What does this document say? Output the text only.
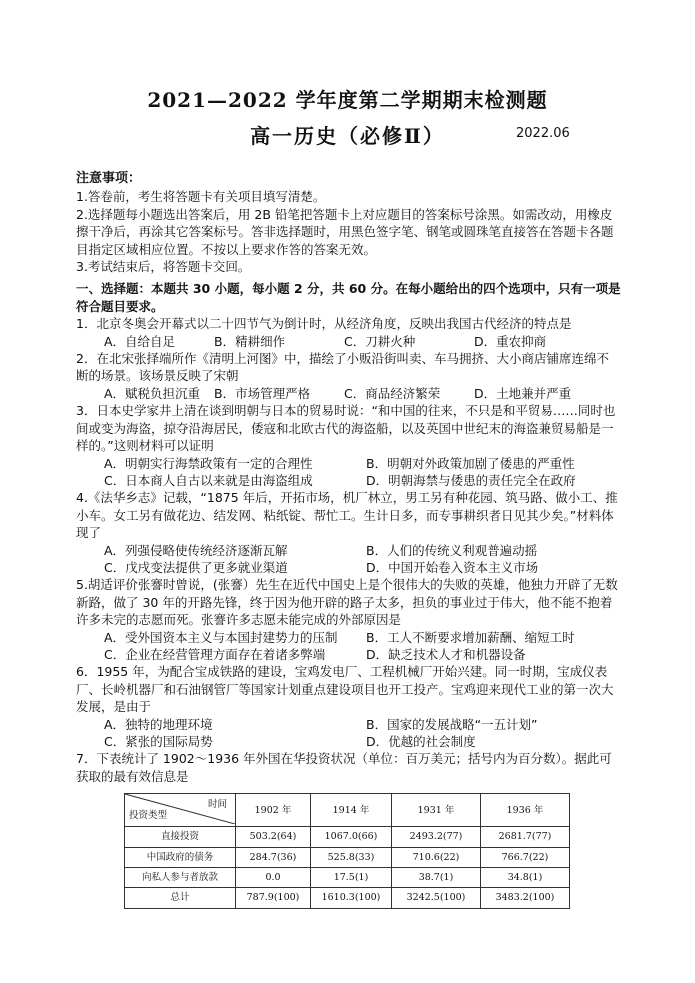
2021—2022 学年度第二学期期末检测题
高一历史（必修Ⅱ）	2022.06
注意事项：

1.答卷前，考生将答题卡有关项目填写清楚。

2.选择题每小题选出答案后，用 2B 铅笔把答题卡上对应题目的答案标号涂黑。如需改动，用橡皮擦干净后，再涂其它答案标号。答非选择题时，用黑色签字笔、钢笔或圆珠笔直接答在答题卡各题目指定区域相应位置。不按以上要求作答的答案无效。

3.考试结束后，将答题卡交回。

一、选择题：本题共 30 小题，每小题 2 分，共 60 分。在每小题给出的四个选项中，只有一项是符合题目要求。

1．北京冬奥会开幕式以二十四节气为倒计时，从经济角度，反映出我国古代经济的特点是

A．自给自足	B．精耕细作	C．刀耕火种	D．重农抑商

2．在北宋张择端所作《清明上河图》中，描绘了小贩沿街叫卖、车马拥挤、大小商店铺席连绵不断的场景。该场景反映了宋朝

A．赋税负担沉重	B．市场管理严格	C．商品经济繁荣	D．土地兼并严重

3．日本史学家井上清在谈到明朝与日本的贸易时说：“和中国的往来，不只是和平贸易……同时也间或变为海盗，掠夺沿海居民，倭寇和北欧古代的海盗船，以及英国中世纪末的海盗兼贸易船是一样的。”这则材料可以证明

A．明朝实行海禁政策有一定的合理性	B．明朝对外政策加剧了倭患的严重性
C．日本商人自古以来就是由海盗组成	D．明朝海禁与倭患的责任完全在政府

4.《法华乡志》记载，“1875 年后，开拓市场，机厂林立，男工另有种花园、筑马路、做小工、推小车。女工另有做花边、结发网、粘纸锭、帮忙工。生计日多，而专事耕织者日见其少矣。”材料体现了

A．列强侵略使传统经济逐渐瓦解	B．人们的传统义利观普遍动摇
C．戊戌变法提供了更多就业渠道	D．中国开始卷入资本主义市场

5.胡适评价张謇时曾说，(张謇）先生在近代中国史上是个很伟大的失败的英雄，他独力开辟了无数新路，做了 30 年的开路先锋，终于因为他开辟的路子太多，担负的事业过于伟大，他不能不抱着许多未完的志愿而死。张謇许多志愿未能完成的外部原因是

A．受外国资本主义与本国封建势力的压制	B．工人不断要求增加薪酬、缩短工时
C．企业在经营管理方面存在着诸多弊端	D．缺乏技术人才和机器设备

6．1955 年，为配合宝成铁路的建设，宝鸡发电厂、工程机械厂开始兴建。同一时期，宝成仪表厂、长岭机器厂和石油钢管厂等国家计划重点建设项目也开工投产。宝鸡迎来现代工业的第一次大发展，是由于

A．独特的地理环境	B．国家的发展战略“一五计划”
C．紧张的国际局势	D．优越的社会制度

7．下表统计了 1902～1936 年外国在华投资状况（单位：百万美元；括号内为百分数）。据此可获取的最有效信息是

时间
投资类型	1902 年	1914 年	1931 年	1936 年
直接投资	503.2(64)	1067.0(66)	2493.2(77)	2681.7(77)
中国政府的债务	284.7(36)	525.8(33)	710.6(22)	766.7(22)
向私人参与者放款	0.0	17.5(1)	38.7(1)	34.8(1)
总计	787.9(100)	1610.3(100)	3242.5(100)	3483.2(100)
